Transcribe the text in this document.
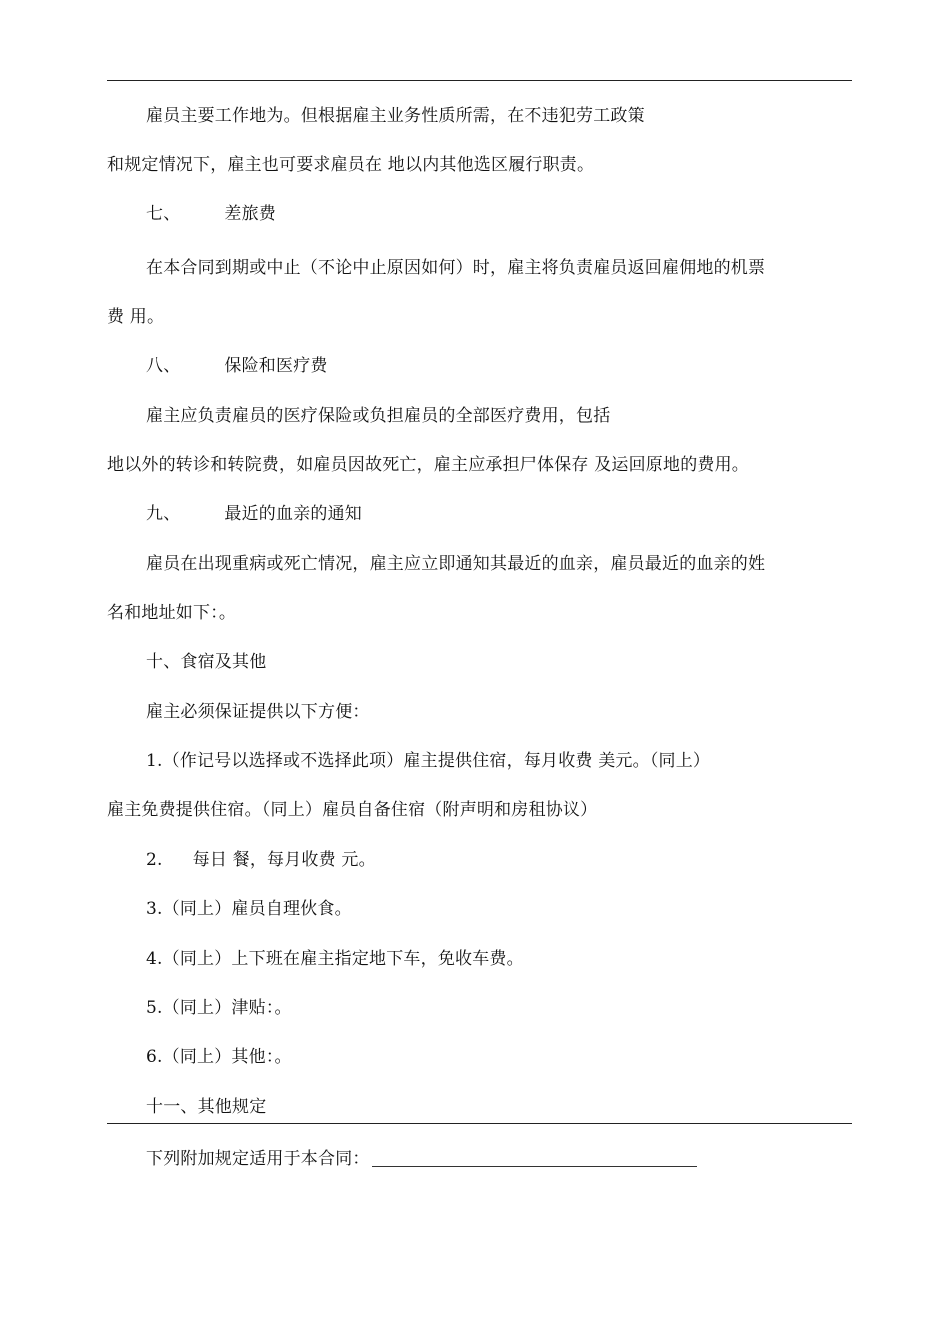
雇员主要工作地为。但根据雇主业务性质所需，在不违犯劳工政策
和规定情况下，雇主也可要求雇员在 地以内其他选区履行职责。
七、	差旅费
在本合同到期或中止（不论中止原因如何）时，雇主将负责雇员返回雇佣地的机票
费 用。
八、	保险和医疗费
雇主应负责雇员的医疗保险或负担雇员的全部医疗费用，包括
地以外的转诊和转院费，如雇员因故死亡，雇主应承担尸体保存 及运回原地的费用。
九、	最近的血亲的通知
雇员在出现重病或死亡情况，雇主应立即通知其最近的血亲，雇员最近的血亲的姓
名和地址如下：。
十、食宿及其他
雇主必须保证提供以下方便：
1.（作记号以选择或不选择此项）雇主提供住宿，每月收费 美元。（同上）
雇主免费提供住宿。（同上）雇员自备住宿（附声明和房租协议）
2. 每日 餐，每月收费 元。
3.（同上）雇员自理伙食。
4.（同上）上下班在雇主指定地下车，免收车费。
5.（同上）津贴：。
6.（同上）其他：。
十一、其他规定
下列附加规定适用于本合同：
